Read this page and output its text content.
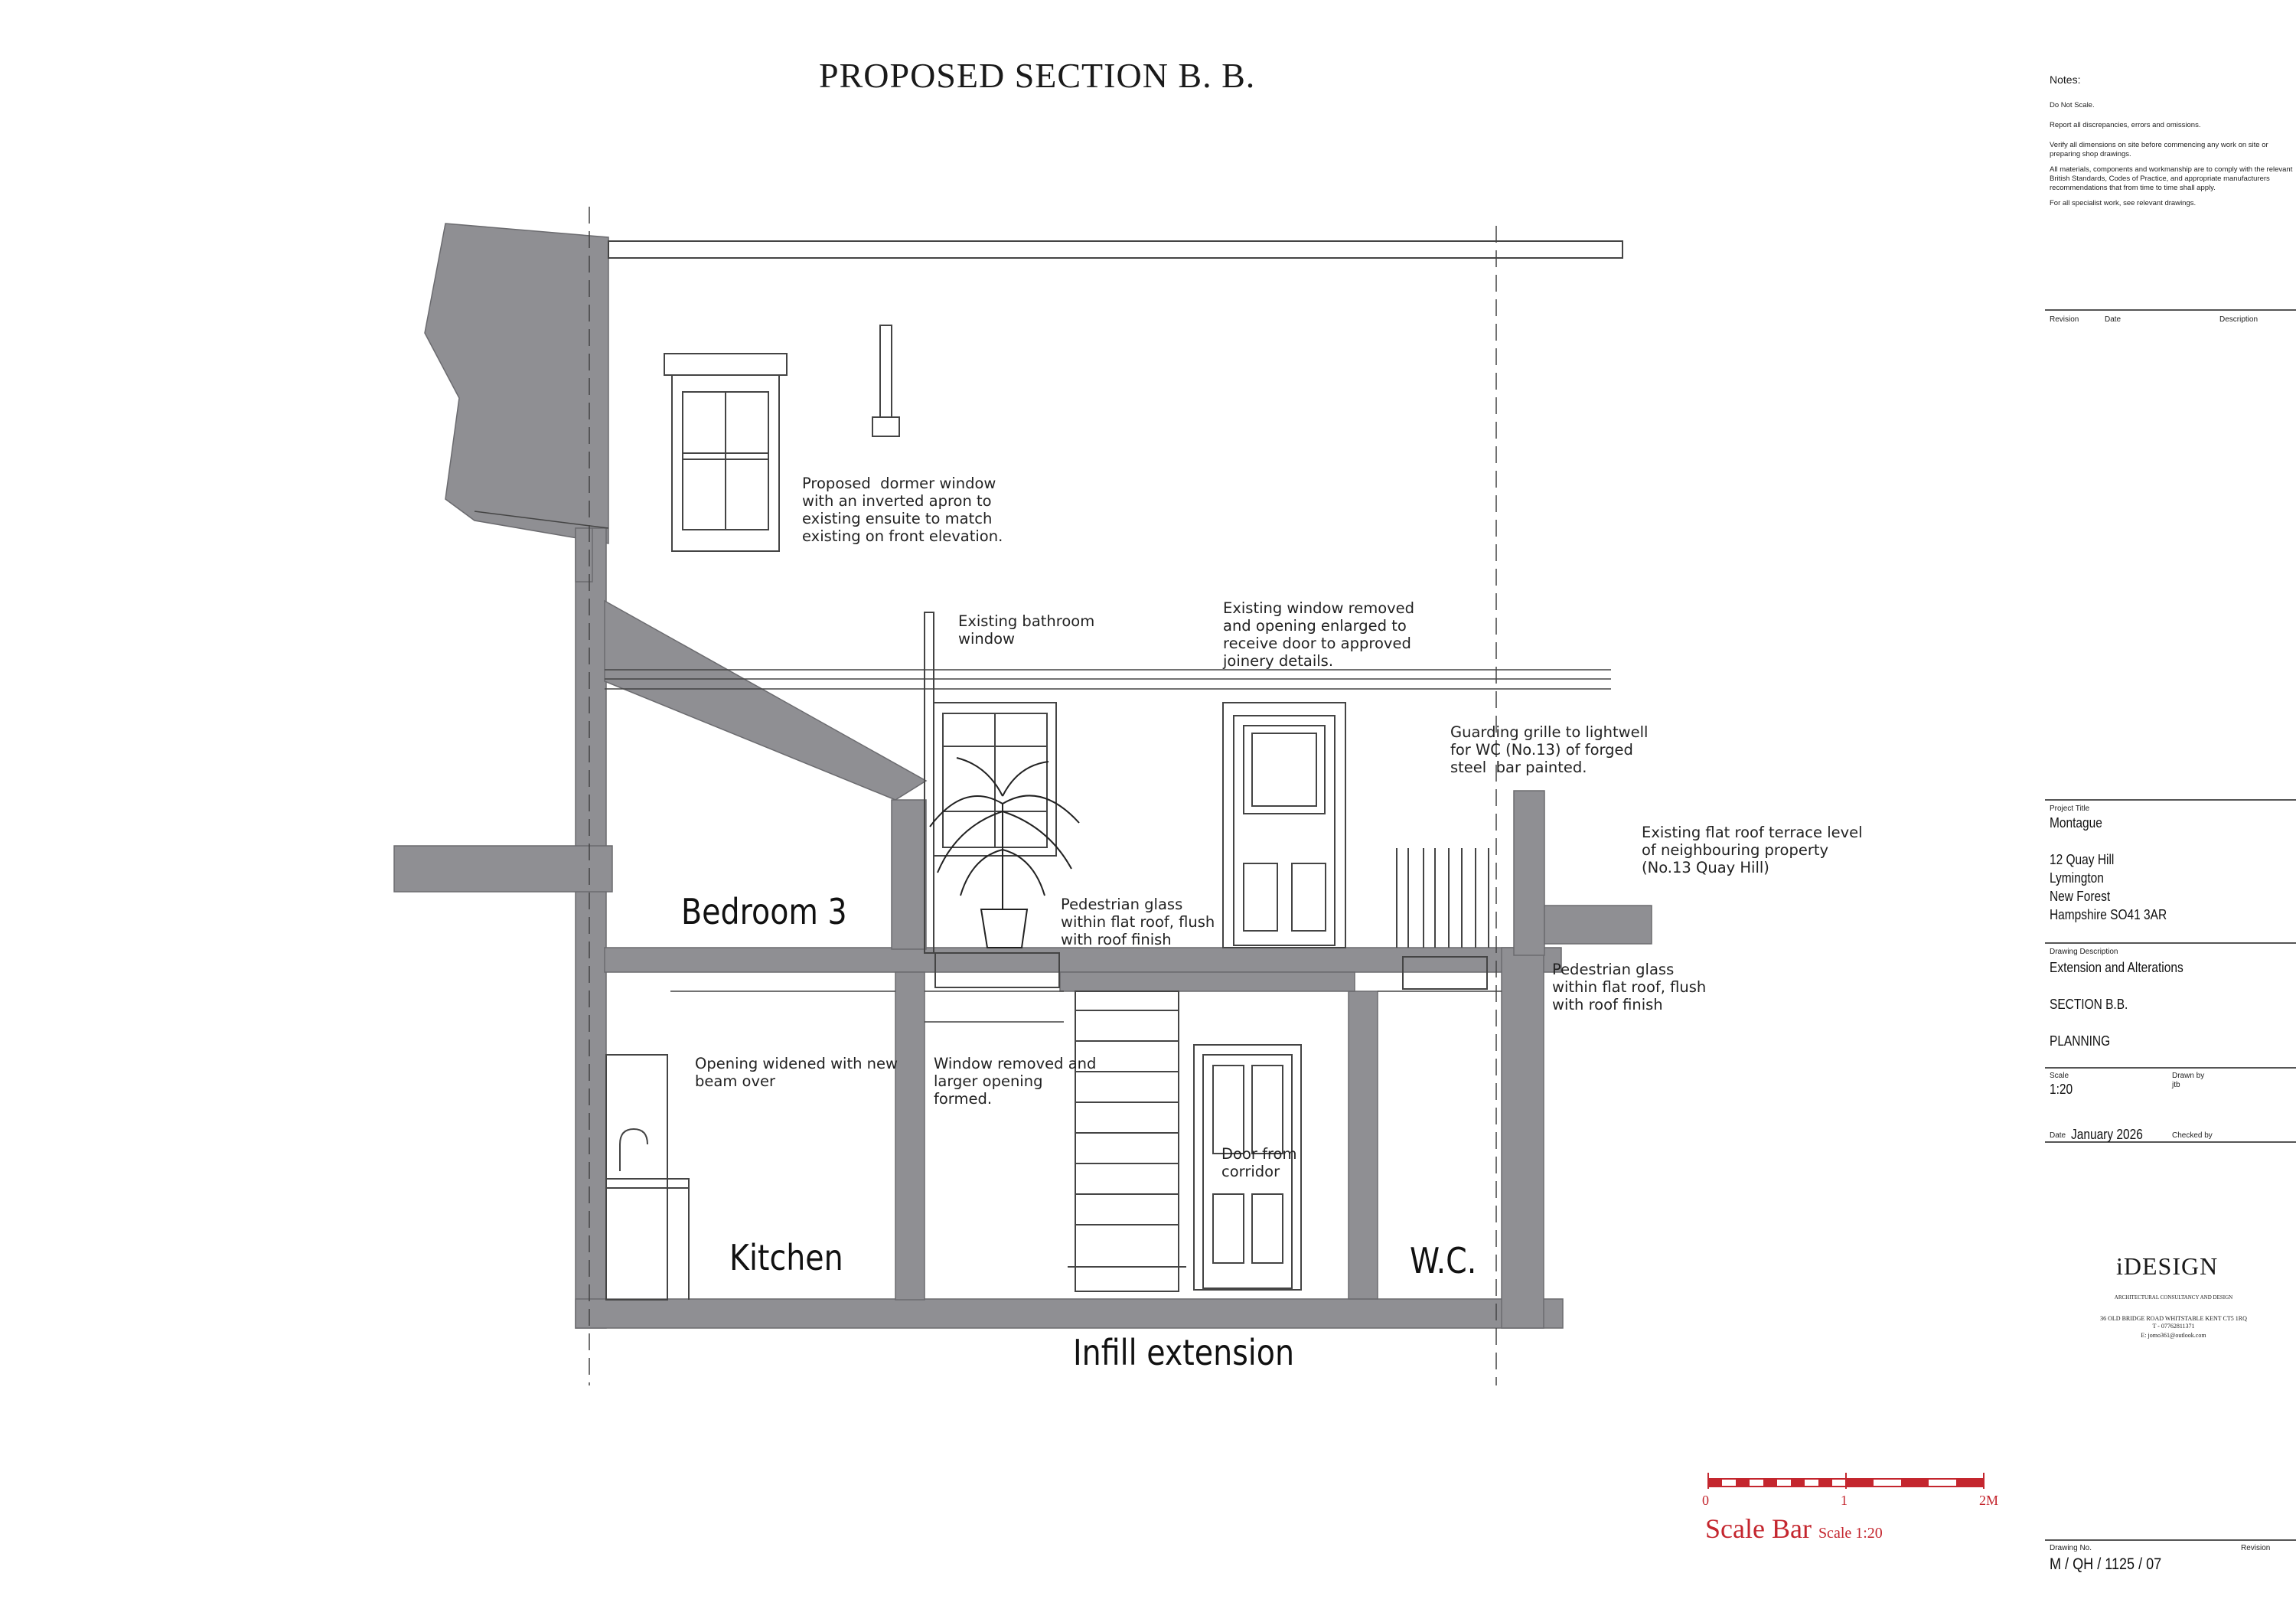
PROPOSED SECTION B. B.
Bedroom 3
Kitchen	W.C.
Infill extension
Proposed  dormer window
with an inverted apron to
existing ensuite to match
existing on front elevation.
Existing bathroom
window
Existing window removed
and opening enlarged to
receive door to approved
joinery details.
Guarding grille to lightwell
for WC (No.13) of forged
steel  bar painted.
Existing flat roof terrace level
of neighbouring property
(No.13 Quay Hill)
Pedestrian glass
within flat roof, flush
with roof finish
Pedestrian glass
within flat roof, flush
with roof finish
Opening widened with new
beam over
Window removed and
larger opening
formed.
Door from
corridor
0	1	2M
Scale Bar Scale 1:20
Notes:
Do Not Scale.
Report all discrepancies, errors and omissions.
Verify all dimensions on site before commencing any work on site or preparing shop drawings.
All materials, components and workmanship are to comply with the relevant British Standards, Codes of Practice, and appropriate manufacturers recommendations that from time to time shall apply.
For all specialist work, see relevant drawings.
Revision	Date	Description
Project Title
Montague
12 Quay Hill
Lymington
New Forest
Hampshire SO41 3AR
Drawing Description
Extension and Alterations
SECTION B.B.
PLANNING
Scale
1:20
Drawn by
jtb
Date January 2026	Checked by
iDESIGN
ARCHITECTURAL CONSULTANCY AND DESIGN
36 OLD BRIDGE ROAD WHITSTABLE KENT CT5 1RQ
T - 07762811371
E: jomo361@outlook.com
Drawing No.	Revision
M / QH / 1125 / 07
